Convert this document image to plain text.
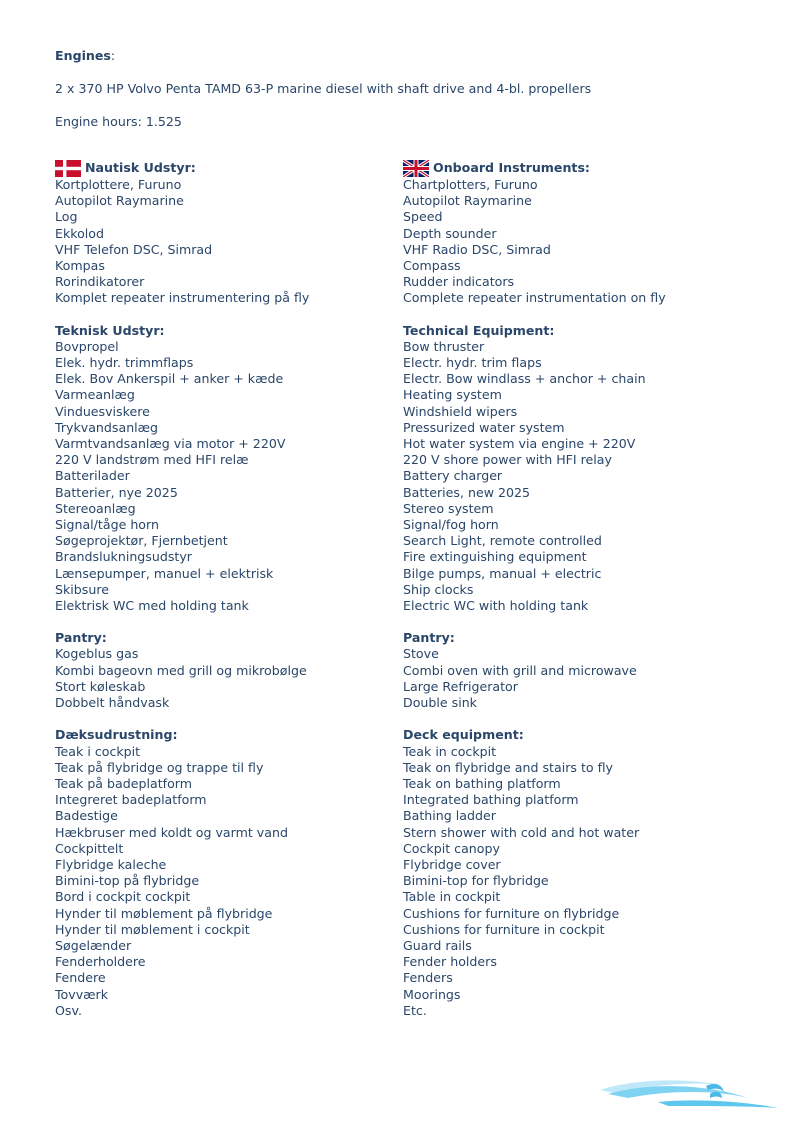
Engines:

2 x 370 HP Volvo Penta TAMD 63-P marine diesel with shaft drive and 4-bl. propellers

Engine hours: 1.525

Nautisk Udstyr:
Kortplottere, Furuno
Autopilot Raymarine
Log
Ekkolod
VHF Telefon DSC, Simrad
Kompas
Rorindikatorer
Komplet repeater instrumentering på fly
Teknisk Udstyr:
Bovpropel
Elek. hydr. trimmflaps
Elek. Bov Ankerspil + anker + kæde
Varmeanlæg
Vinduesviskere
Trykvandsanlæg
Varmtvandsanlæg via motor + 220V
220 V landstrøm med HFI relæ
Batterilader
Batterier, nye 2025
Stereoanlæg
Signal/tåge horn
Søgeprojektør, Fjernbetjent
Brandslukningsudstyr
Lænsepumper, manuel + elektrisk
Skibsure
Elektrisk WC med holding tank
Pantry:
Kogeblus gas
Kombi bageovn med grill og mikrobølge
Stort køleskab
Dobbelt håndvask
Dæksudrustning:
Teak i cockpit
Teak på flybridge og trappe til fly
Teak på badeplatform
Integreret badeplatform
Badestige
Hækbruser med koldt og varmt vand
Cockpittelt
Flybridge kaleche
Bimini-top på flybridge
Bord i cockpit cockpit
Hynder til møblement på flybridge
Hynder til møblement i cockpit
Søgelænder
Fenderholdere
Fendere
Tovværk
Osv.
Onboard Instruments:
Chartplotters, Furuno
Autopilot Raymarine
Speed
Depth sounder
VHF Radio DSC, Simrad
Compass
Rudder indicators
Complete repeater instrumentation on fly
Technical Equipment:
Bow thruster
Electr. hydr. trim flaps
Electr. Bow windlass + anchor + chain
Heating system
Windshield wipers
Pressurized water system
Hot water system via engine + 220V
220 V shore power with HFI relay
Battery charger
Batteries, new 2025
Stereo system
Signal/fog horn
Search Light, remote controlled
Fire extinguishing equipment
Bilge pumps, manual + electric
Ship clocks
Electric WC with holding tank
Pantry:
Stove
Combi oven with grill and microwave
Large Refrigerator
Double sink
Deck equipment:
Teak in cockpit
Teak on flybridge and stairs to fly
Teak on bathing platform
Integrated bathing platform
Bathing ladder
Stern shower with cold and hot water
Cockpit canopy
Flybridge cover
Bimini-top for flybridge
Table in cockpit
Cushions for furniture on flybridge
Cushions for furniture in cockpit
Guard rails
Fender holders
Fenders
Moorings
Etc.
